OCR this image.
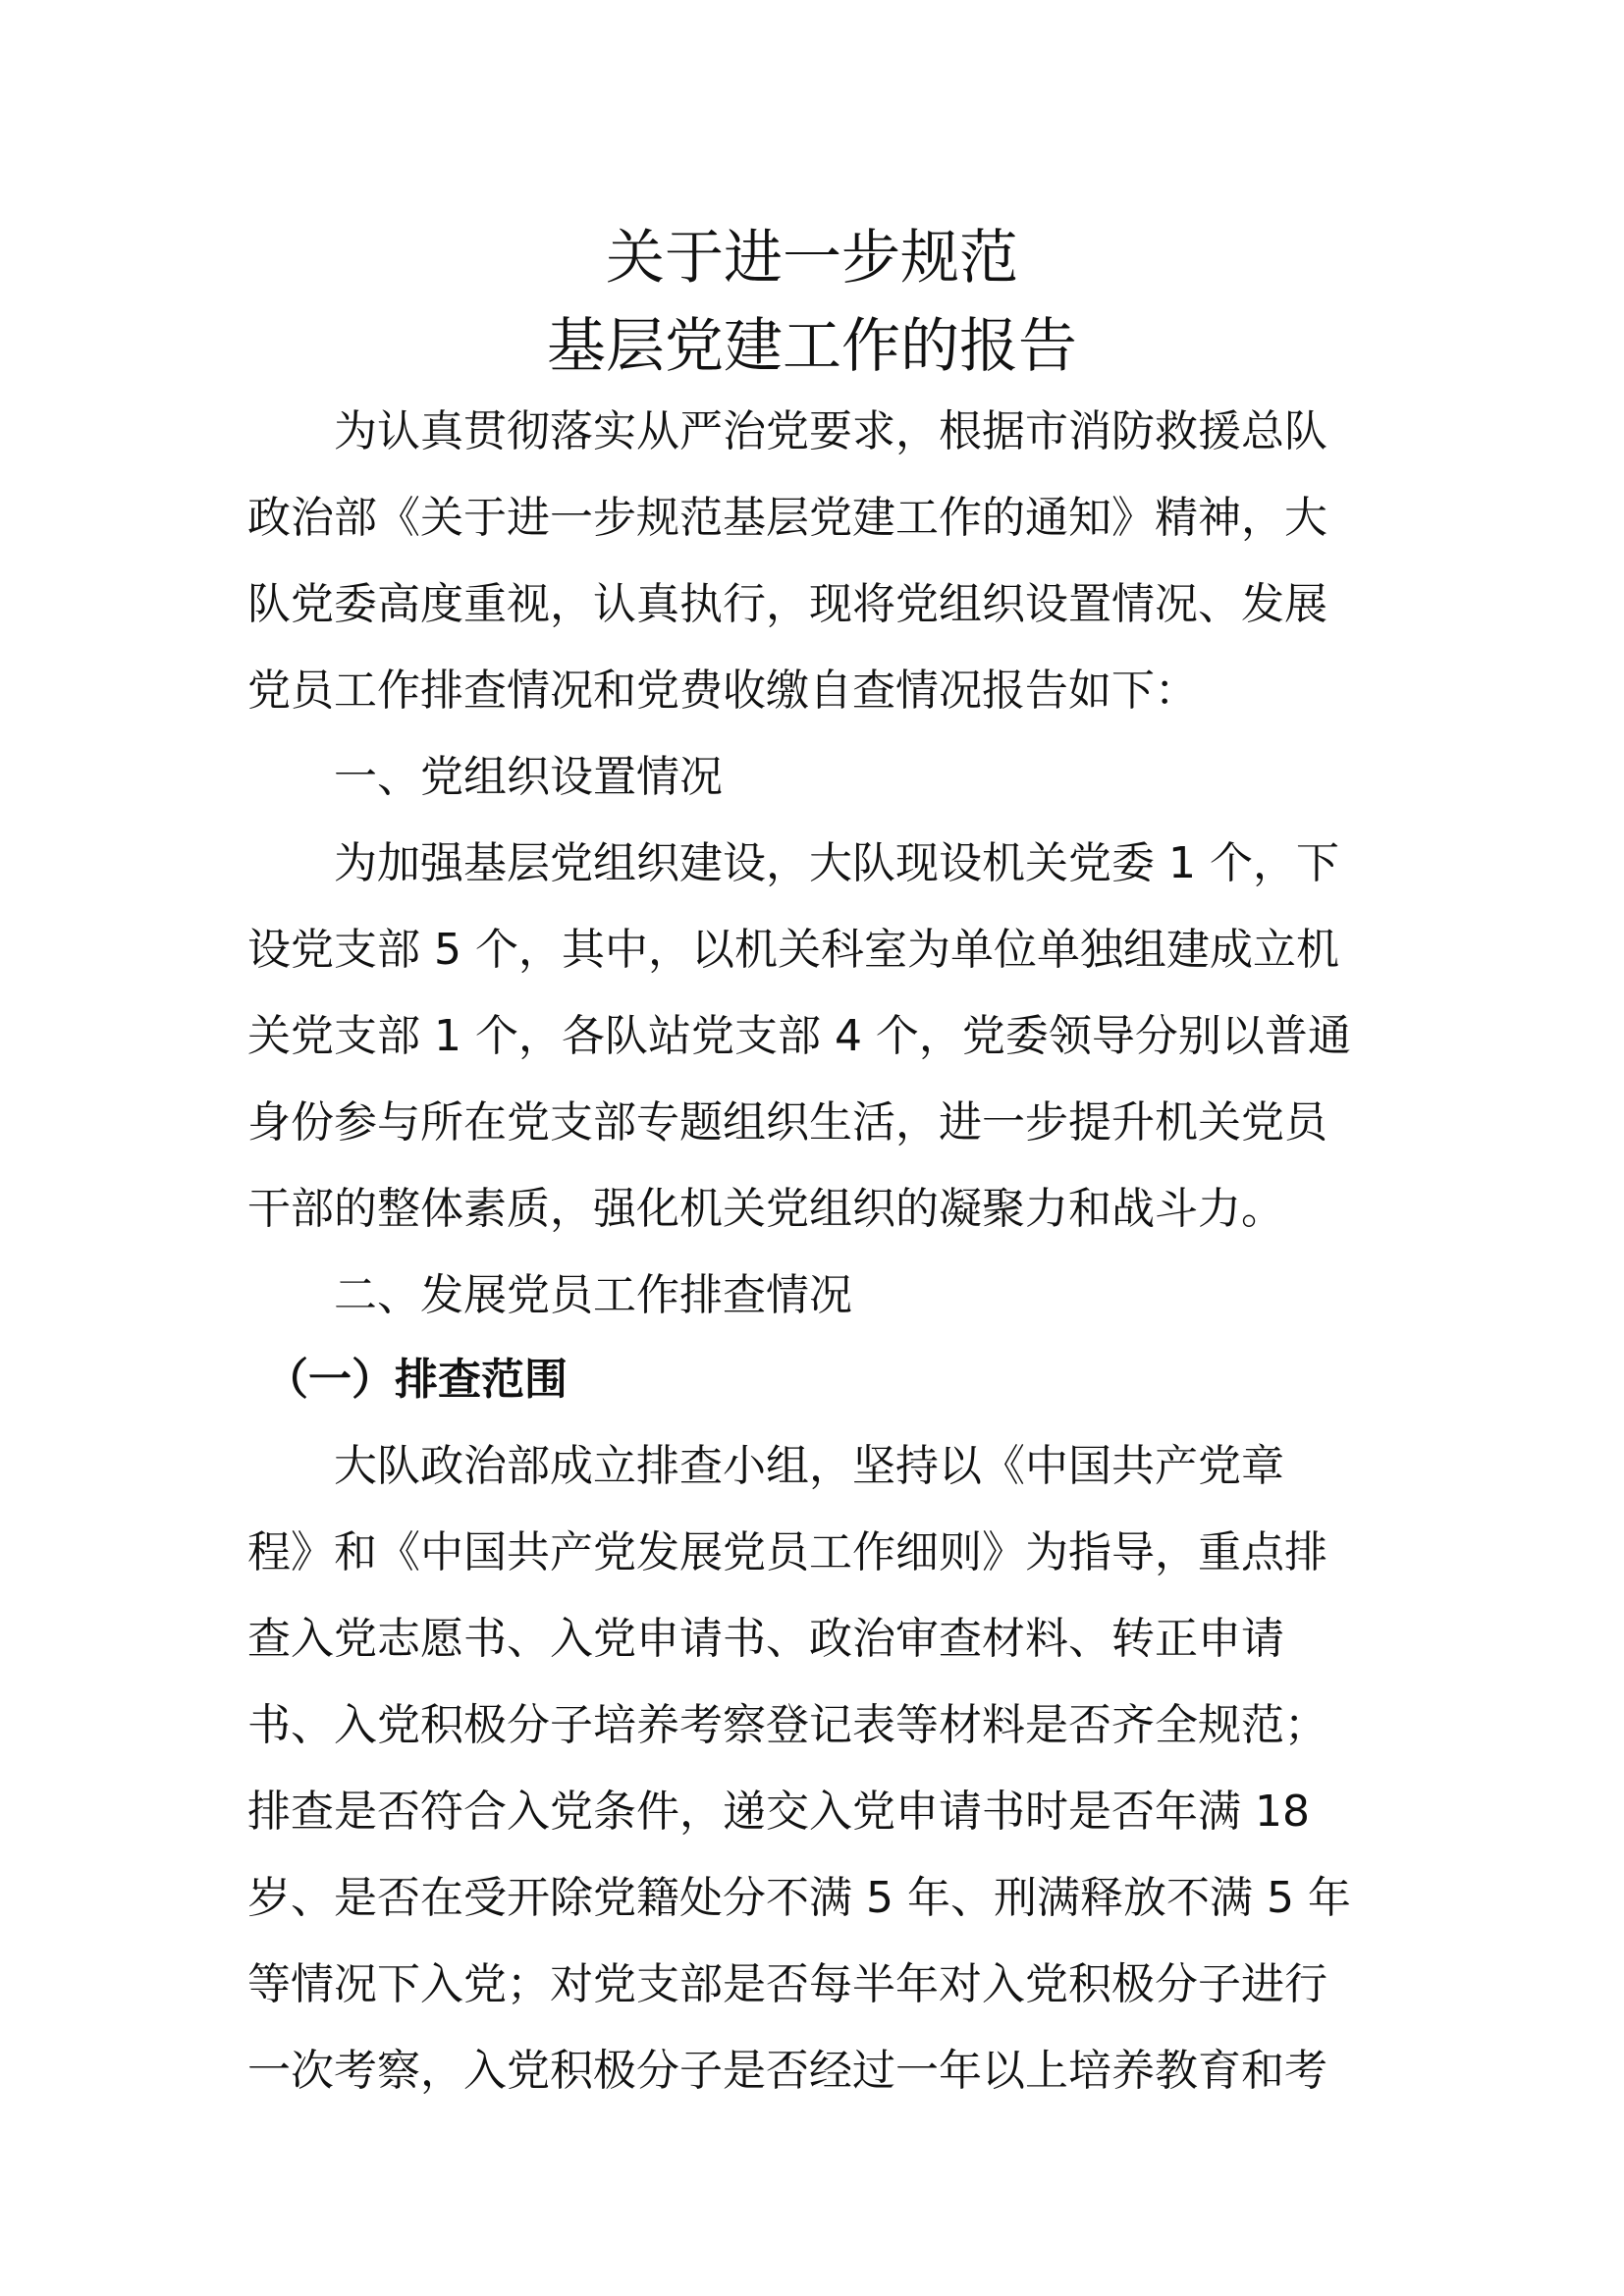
关于进一步规范
基层党建工作的报告

为认真贯彻落实从严治党要求，根据市消防救援总队

政治部《关于进一步规范基层党建工作的通知》精神，大

队党委高度重视，认真执行，现将党组织设置情况、发展

党员工作排查情况和党费收缴自查情况报告如下：

一、党组织设置情况

为加强基层党组织建设，大队现设机关党委 1 个，下

设党支部 5 个，其中，以机关科室为单位单独组建成立机

关党支部 1 个，各队站党支部 4 个，党委领导分别以普通

身份参与所在党支部专题组织生活，进一步提升机关党员

干部的整体素质，强化机关党组织的凝聚力和战斗力。

二、发展党员工作排查情况

（一）排查范围

大队政治部成立排查小组，坚持以《中国共产党章

程》和《中国共产党发展党员工作细则》为指导，重点排

查入党志愿书、入党申请书、政治审查材料、转正申请

书、入党积极分子培养考察登记表等材料是否齐全规范；

排查是否符合入党条件，递交入党申请书时是否年满 18

岁、是否在受开除党籍处分不满 5 年、刑满释放不满 5 年

等情况下入党；对党支部是否每半年对入党积极分子进行

一次考察，入党积极分子是否经过一年以上培养教育和考
